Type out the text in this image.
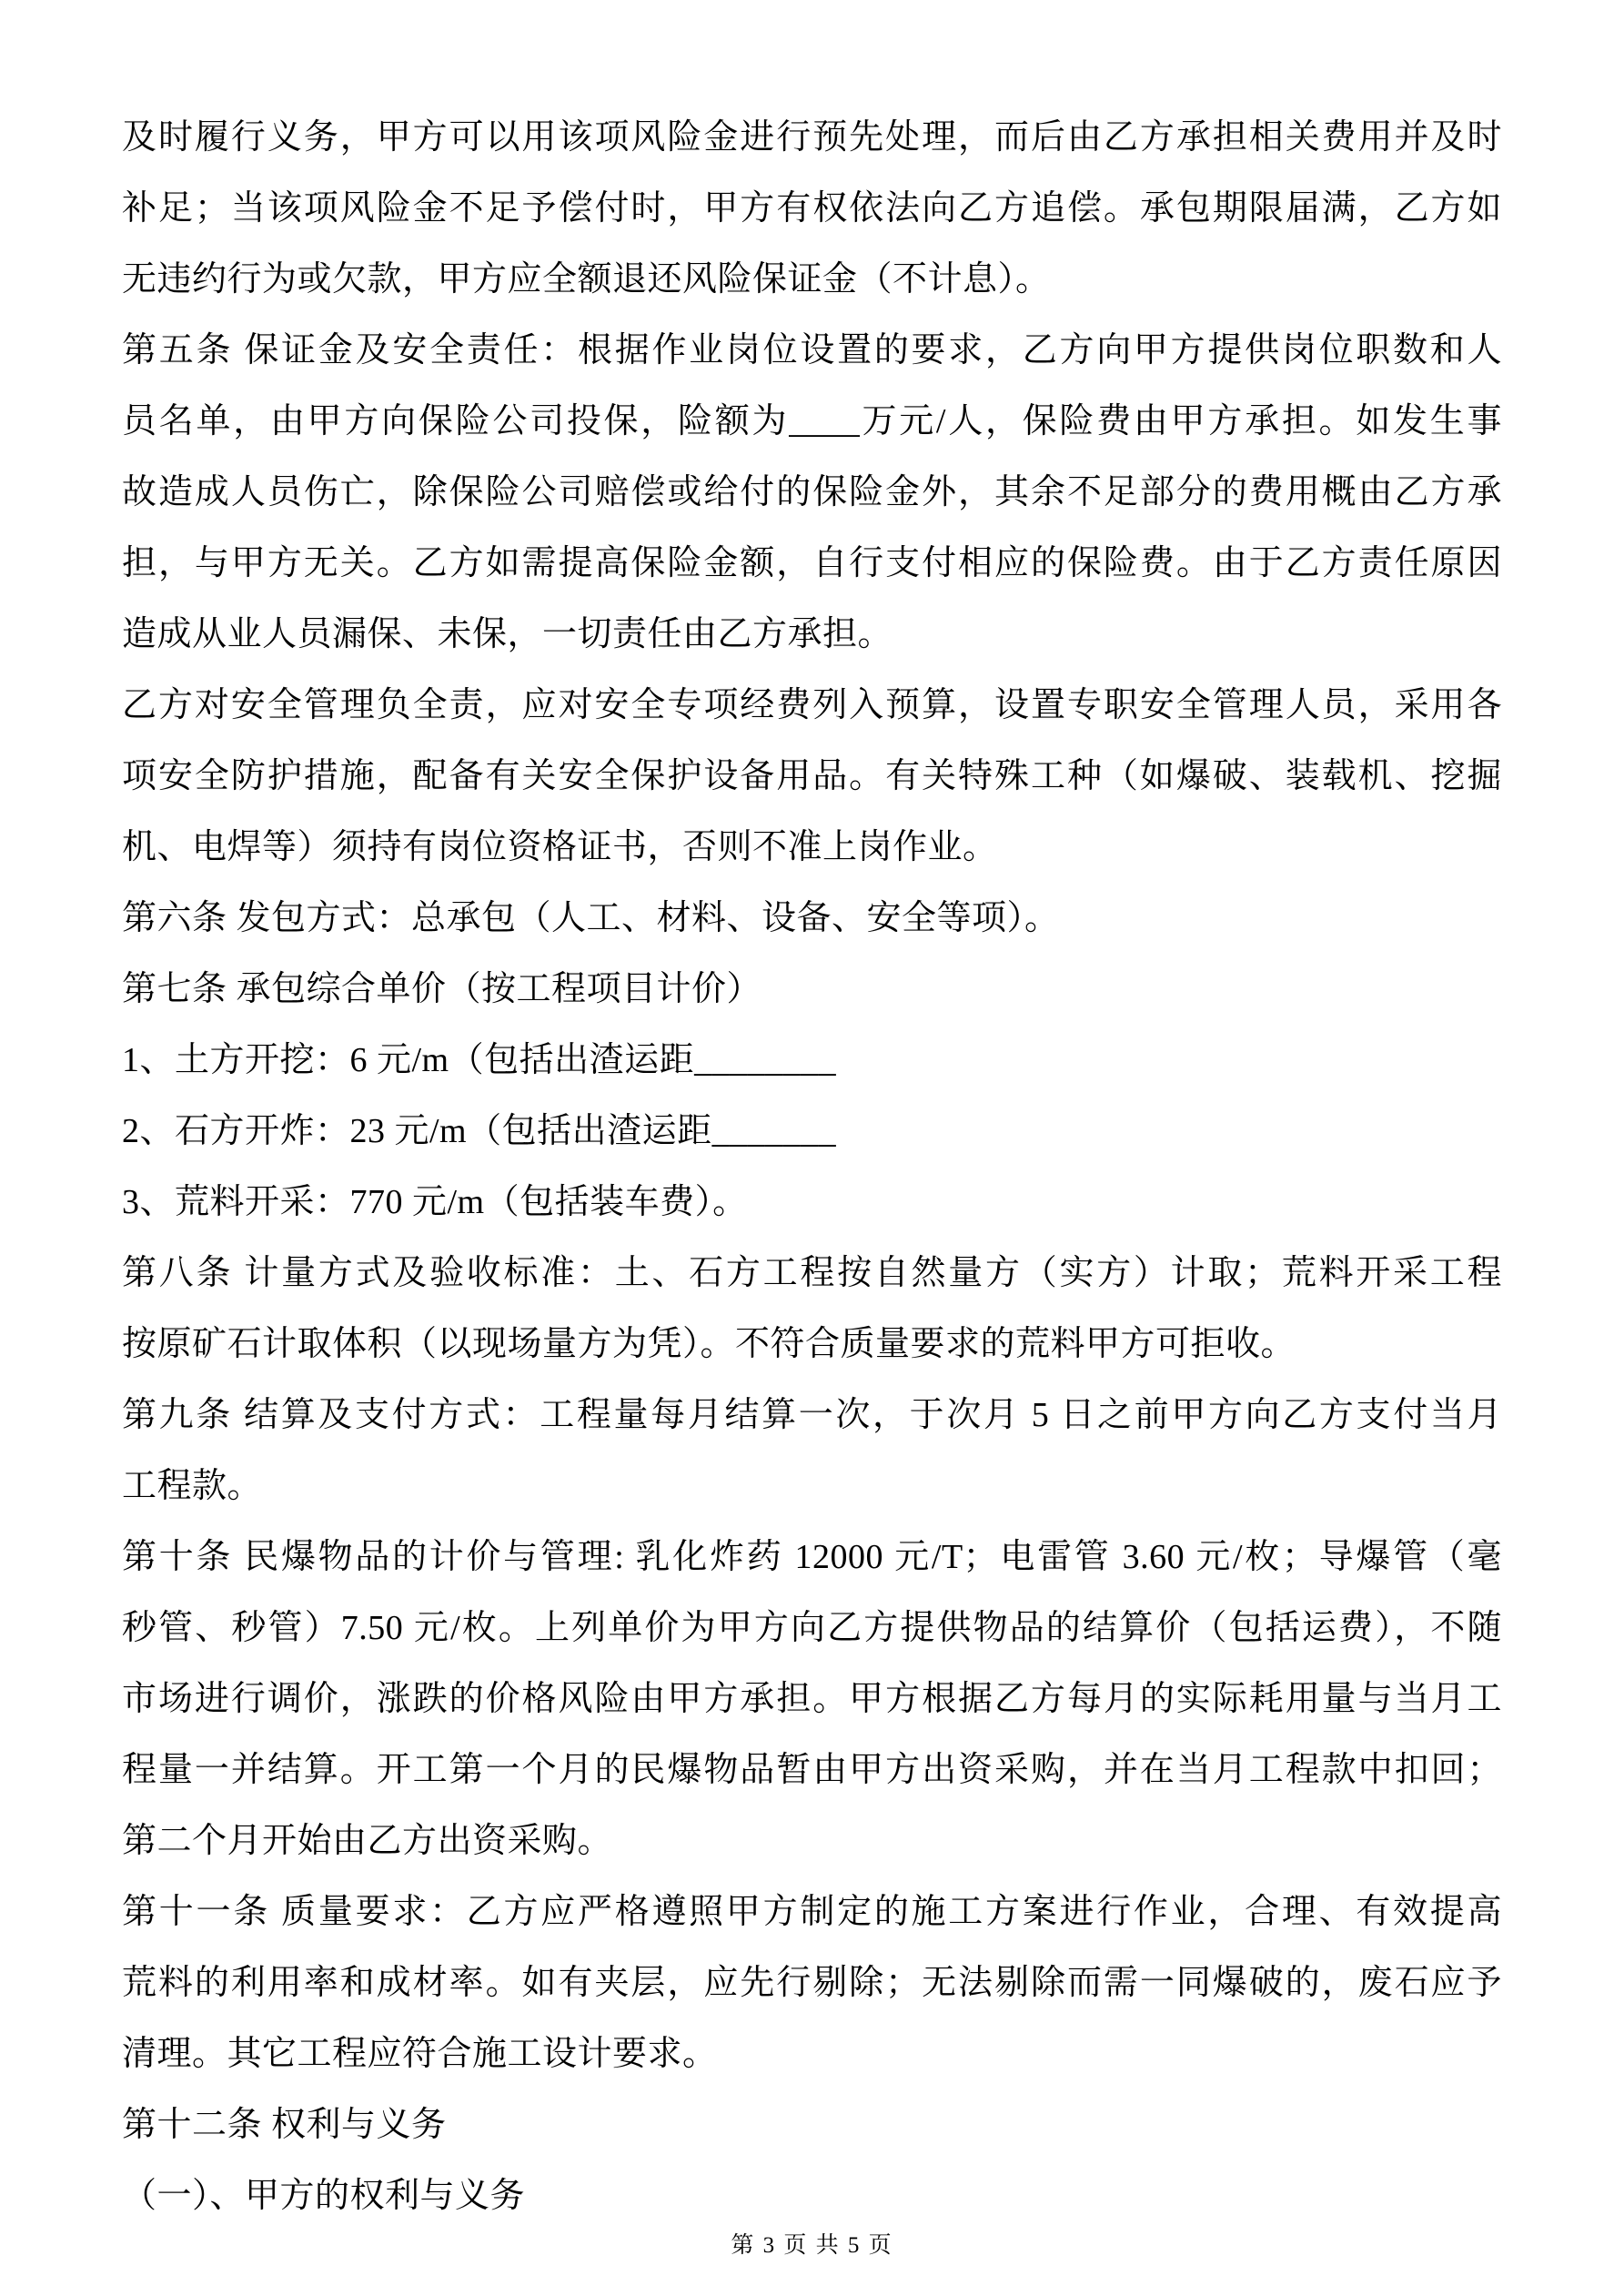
及时履行义务，甲方可以用该项风险金进行预先处理，而后由乙方承担相关费用并及时
补足；当该项风险金不足予偿付时，甲方有权依法向乙方追偿。承包期限届满，乙方如
无违约行为或欠款，甲方应全额退还风险保证金（不计息）。
第五条 保证金及安全责任：根据作业岗位设置的要求，乙方向甲方提供岗位职数和人
员名单，由甲方向保险公司投保，险额为____万元/人，保险费由甲方承担。如发生事
故造成人员伤亡，除保险公司赔偿或给付的保险金外，其余不足部分的费用概由乙方承
担，与甲方无关。乙方如需提高保险金额，自行支付相应的保险费。由于乙方责任原因
造成从业人员漏保、未保，一切责任由乙方承担。
乙方对安全管理负全责，应对安全专项经费列入预算，设置专职安全管理人员，采用各
项安全防护措施，配备有关安全保护设备用品。有关特殊工种（如爆破、装载机、挖掘
机、电焊等）须持有岗位资格证书，否则不准上岗作业。
第六条 发包方式：总承包（人工、材料、设备、安全等项）。
第七条 承包综合单价（按工程项目计价）
1、土方开挖：6 元/m（包括出渣运距________
2、石方开炸：23 元/m（包括出渣运距_______
3、荒料开采：770 元/m（包括装车费）。
第八条 计量方式及验收标准：土、石方工程按自然量方（实方）计取；荒料开采工程
按原矿石计取体积（以现场量方为凭）。不符合质量要求的荒料甲方可拒收。
第九条 结算及支付方式：工程量每月结算一次，于次月 5 日之前甲方向乙方支付当月
工程款。
第十条 民爆物品的计价与管理: 乳化炸药 12000 元/T；电雷管 3.60 元/枚；导爆管（毫
秒管、秒管）7.50 元/枚。上列单价为甲方向乙方提供物品的结算价（包括运费），不随
市场进行调价，涨跌的价格风险由甲方承担。甲方根据乙方每月的实际耗用量与当月工
程量一并结算。开工第一个月的民爆物品暂由甲方出资采购，并在当月工程款中扣回；
第二个月开始由乙方出资采购。
第十一条 质量要求：乙方应严格遵照甲方制定的施工方案进行作业，合理、有效提高
荒料的利用率和成材率。如有夹层，应先行剔除；无法剔除而需一同爆破的，废石应予
清理。其它工程应符合施工设计要求。
第十二条 权利与义务
（一）、甲方的权利与义务
第 3 页 共 5 页
